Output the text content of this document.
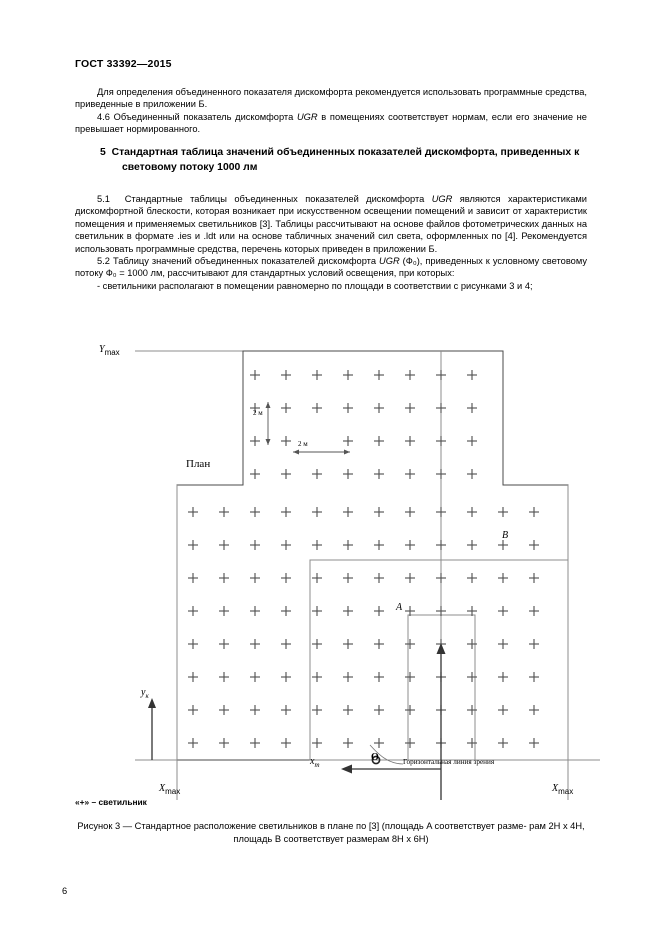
ГОСТ 33392—2015

Для определения объединенного показателя дискомфорта рекомендуется использовать программные средства, приведенные в приложении Б.

4.6 Объединенный показатель дискомфорта UGR в помещениях соответствует нормам, если его значение не превышает нормированного.

5 Стандартная таблица значений объединенных показателей дискомфорта, приведенных к световому потоку 1000 лм

5.1 Стандартные таблицы объединенных показателей дискомфорта UGR являются характеристиками дискомфортной блескости, которая возникает при искусственном освещении помещений и зависит от характеристик помещения и применяемых светильников [3]. Таблицы рассчитывают на основе файлов фотометрических данных на светильник в формате .ies и .ldt или на основе табличных значений сил света, оформленных по [4]. Рекомендуется использовать программные средства, перечень которых приведен в приложении Б.

5.2 Таблицу значений объединенных показателей дискомфорта UGR (Ф₀), приведенных к условному световому потоку Ф₀ = 1000 лм, рассчитывают для стандартных условий освещения, при которых:

- светильники располагают в помещении равномерно по площади в соответствии с рисунками 3 и 4;

$Y_{max}$
План
A
B
$y_к$
$x_т$
O	Горизонтальная линия зрения
2 м
2 м
$X_{max}$	$X_{max}$
«+» – светильник
Рисунок 3 — Стандартное расположение светильников в плане по [3] (площадь A соответствует разме- рам 2H x 4H, площадь B соответствует размерам 8H x 6H)
6
